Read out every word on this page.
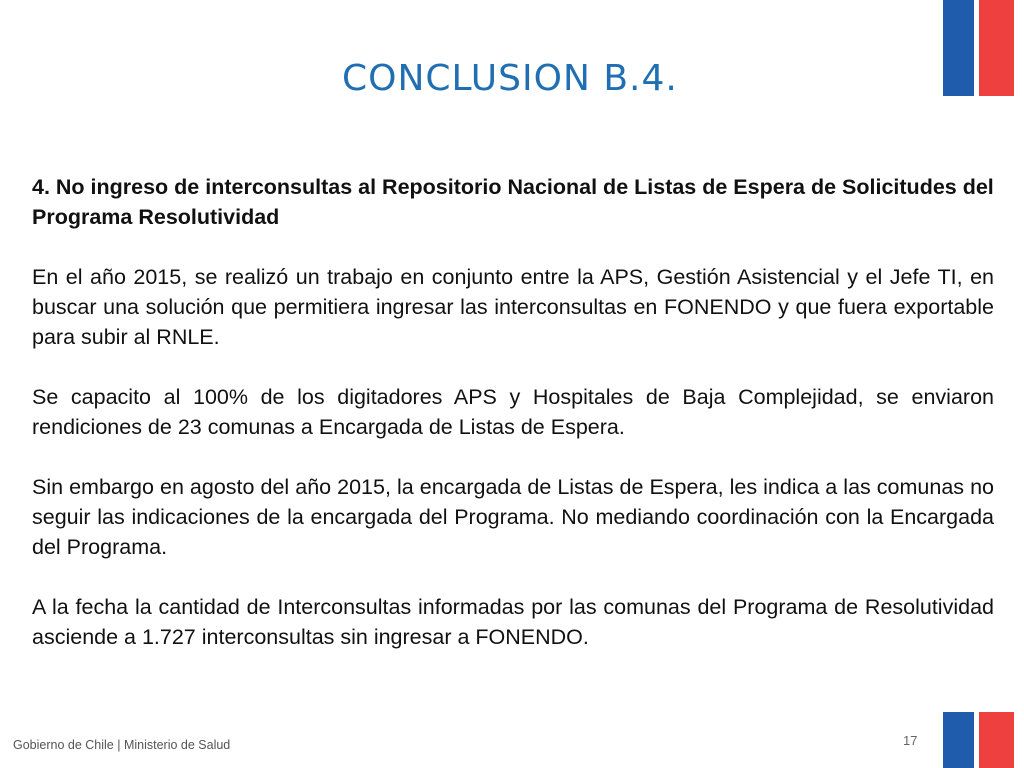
CONCLUSION B.4.

4. No ingreso de interconsultas al Repositorio Nacional de Listas de Espera de Solicitudes del Programa Resolutividad

En el año 2015, se realizó un trabajo en conjunto entre la APS, Gestión Asistencial y el Jefe TI, en buscar una solución que permitiera ingresar las interconsultas en FONENDO y que fuera exportable para subir al RNLE.

Se capacito al 100% de los digitadores APS y Hospitales de Baja Complejidad, se enviaron rendiciones de 23 comunas a Encargada de Listas de Espera.

Sin embargo en agosto del año 2015, la encargada de Listas de Espera, les indica a las comunas no seguir las indicaciones de la encargada del Programa. No mediando coordinación con la Encargada del Programa.

A la fecha la cantidad de Interconsultas informadas por las comunas del Programa de Resolutividad asciende a 1.727 interconsultas sin ingresar a FONENDO.

Gobierno de Chile | Ministerio de Salud	17
